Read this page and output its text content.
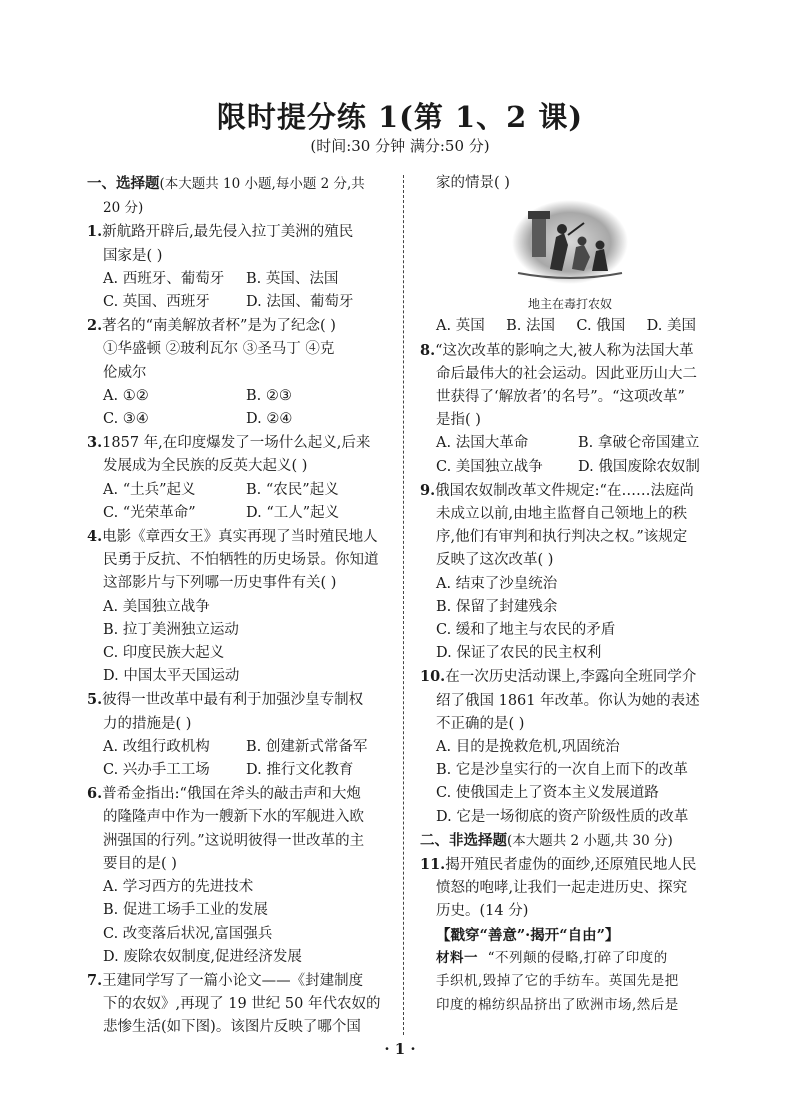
限时提分练 1(第 1、2 课)
(时间:30 分钟 满分:50 分)
一、选择题(本大题共 10 小题,每小题 2 分,共
20 分)
1.新航路开辟后,最先侵入拉丁美洲的殖民
国家是( )
A. 西班牙、葡萄牙	B. 英国、法国
C. 英国、西班牙	D. 法国、葡萄牙
2.著名的“南美解放者杯”是为了纪念( )
①华盛顿 ②玻利瓦尔 ③圣马丁 ④克
伦威尔
A. ①②	B. ②③
C. ③④	D. ②④
3.1857 年,在印度爆发了一场什么起义,后来
发展成为全民族的反英大起义( )
A. “土兵”起义	B. “农民”起义
C. “光荣革命”	D. “工人”起义
4.电影《章西女王》真实再现了当时殖民地人
民勇于反抗、不怕牺牲的历史场景。你知道
这部影片与下列哪一历史事件有关( )
A. 美国独立战争
B. 拉丁美洲独立运动
C. 印度民族大起义
D. 中国太平天国运动
5.彼得一世改革中最有利于加强沙皇专制权
力的措施是( )
A. 改组行政机构	B. 创建新式常备军
C. 兴办手工工场	D. 推行文化教育
6.普希金指出:“俄国在斧头的敲击声和大炮
的隆隆声中作为一艘新下水的军舰进入欧
洲强国的行列。”这说明彼得一世改革的主
要目的是( )
A. 学习西方的先进技术
B. 促进工场手工业的发展
C. 改变落后状况,富国强兵
D. 废除农奴制度,促进经济发展
7.王建同学写了一篇小论文——《封建制度
下的农奴》,再现了 19 世纪 50 年代农奴的
悲惨生活(如下图)。该图片反映了哪个国
家的情景( )
地主在毒打农奴
A. 英国 B. 法国 C. 俄国 D. 美国
8.“这次改革的影响之大,被人称为法国大革
命后最伟大的社会运动。因此亚历山大二
世获得了‘解放者’的名号”。“这项改革”
是指( )
A. 法国大革命	B. 拿破仑帝国建立
C. 美国独立战争	D. 俄国废除农奴制
9.俄国农奴制改革文件规定:“在……法庭尚
未成立以前,由地主监督自己领地上的秩
序,他们有审判和执行判决之权。”该规定
反映了这次改革( )
A. 结束了沙皇统治
B. 保留了封建残余
C. 缓和了地主与农民的矛盾
D. 保证了农民的民主权利
10.在一次历史活动课上,李露向全班同学介
绍了俄国 1861 年改革。你认为她的表述
不正确的是( )
A. 目的是挽救危机,巩固统治
B. 它是沙皇实行的一次自上而下的改革
C. 使俄国走上了资本主义发展道路
D. 它是一场彻底的资产阶级性质的改革
二、非选择题(本大题共 2 小题,共 30 分)
11.揭开殖民者虚伪的面纱,还原殖民地人民
愤怒的咆哮,让我们一起走进历史、探究
历史。(14 分)
【戳穿“善意”·揭开“自由”】
材料一 “不列颠的侵略,打碎了印度的
手织机,毁掉了它的手纺车。英国先是把
印度的棉纺织品挤出了欧洲市场,然后是
· 1 ·
